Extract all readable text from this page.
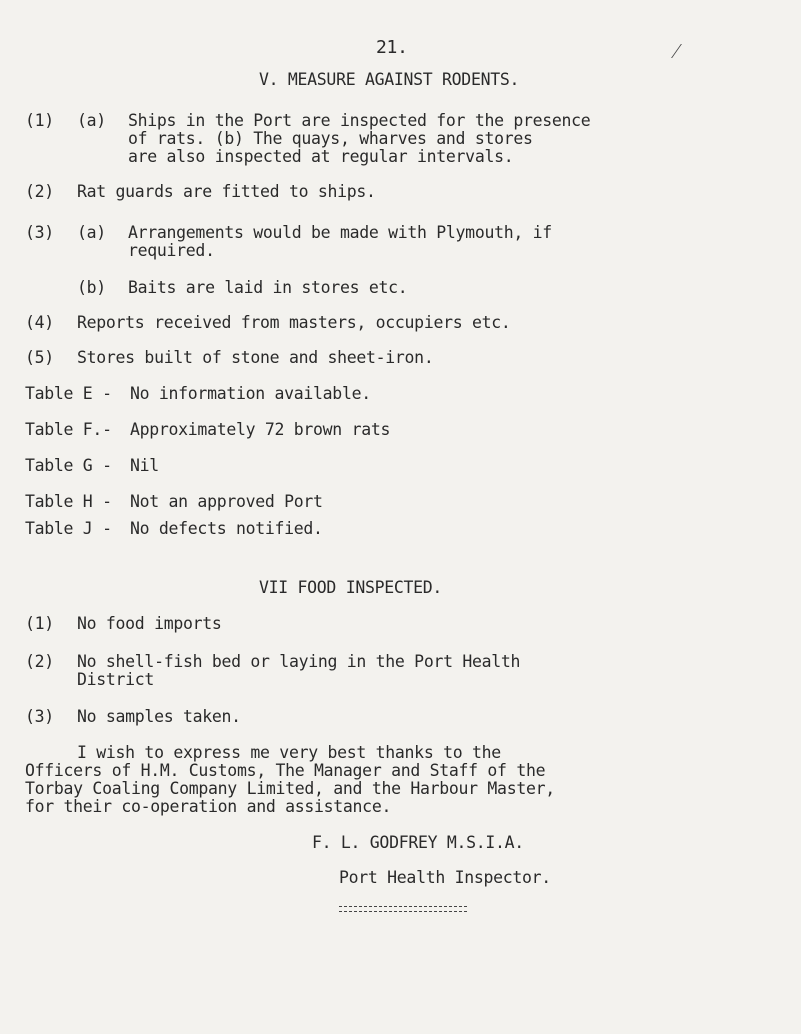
21.
V. MEASURE AGAINST RODENTS.
(1) (a) Ships in the Port are inspected for the presence
of rats. (b) The quays, wharves and stores
are also inspected at regular intervals.
(2) Rat guards are fitted to ships.
(3) (a) Arrangements would be made with Plymouth, if
required.
(b) Baits are laid in stores etc.
(4) Reports received from masters, occupiers etc.
(5) Stores built of stone and sheet-iron.
Table E - No information available.
Table F.- Approximately 72 brown rats
Table G - Nil
Table H - Not an approved Port
Table J - No defects notified.
VII FOOD INSPECTED.
(1) No food imports
(2) No shell-fish bed or laying in the Port Health
District
(3) No samples taken.
I wish to express me very best thanks to the
Officers of H.M. Customs, The Manager and Staff of the
Torbay Coaling Company Limited, and the Harbour Master,
for their co-operation and assistance.
F. L. GODFREY M.S.I.A.
Port Health Inspector.
